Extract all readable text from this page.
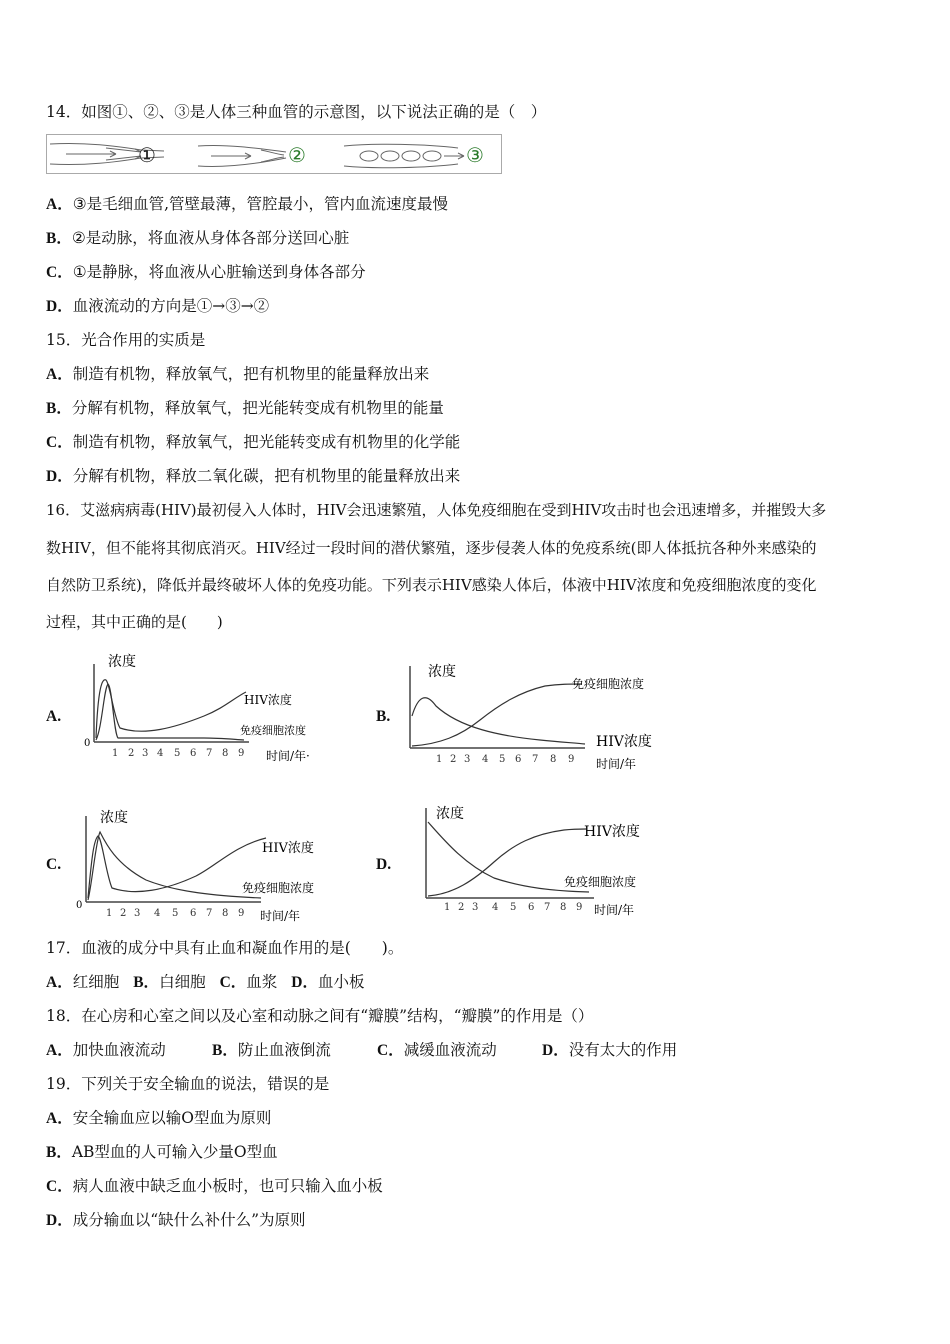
14．如图①、②、③是人体三种血管的示意图，以下说法正确的是（　）
①	②	③
A．③是毛细血管,管壁最薄，管腔最小，管内血流速度最慢
B．②是动脉，将血液从身体各部分送回心脏
C．①是静脉，将血液从心脏输送到身体各部分
D．血液流动的方向是①→③→②
15．光合作用的实质是
A．制造有机物，释放氧气，把有机物里的能量释放出来
B．分解有机物，释放氧气，把光能转变成有机物里的能量
C．制造有机物，释放氧气，把光能转变成有机物里的化学能
D．分解有机物，释放二氧化碳，把有机物里的能量释放出来
16．艾滋病病毒(HIV)最初侵入人体时，HIV会迅速繁殖，人体免疫细胞在受到HIV攻击时也会迅速增多，并摧毁大多
数HIV，但不能将其彻底消灭。HIV经过一段时间的潜伏繁殖，逐步侵袭人体的免疫系统(即人体抵抗各种外来感染的
自然防卫系统)，降低并最终破坏人体的免疫功能。下列表示HIV感染人体后，体液中HIV浓度和免疫细胞浓度的变化
过程，其中正确的是(　　)
A.
浓度
0
1 2 3 4 5 6 7 8 9 时间/年·
HIV浓度
免疫细胞浓度
B.
浓度
1 2 3 4 5 6 7 8 9 时间/年
免疫细胞浓度
HIV浓度
C.
浓度
0
1 2 3 4 5 6 7 8 9 时间/年
HIV浓度
免疫细胞浓度
D.
浓度
1 2 3 4 5 6 7 8 9 时间/年
HIV浓度
免疫细胞浓度
17．血液的成分中具有止血和凝血作用的是(　　)。
A．红细胞 B．白细胞 C．血浆 D．血小板
18．在心房和心室之间以及心室和动脉之间有“瓣膜”结构，“瓣膜”的作用是（）
A．加快血液流动	B．防止血液倒流	C．减缓血液流动	D．没有太大的作用
19．下列关于安全输血的说法，错误的是
A．安全输血应以输O型血为原则
B．AB型血的人可输入少量O型血
C．病人血液中缺乏血小板时，也可只输入血小板
D．成分输血以“缺什么补什么”为原则
